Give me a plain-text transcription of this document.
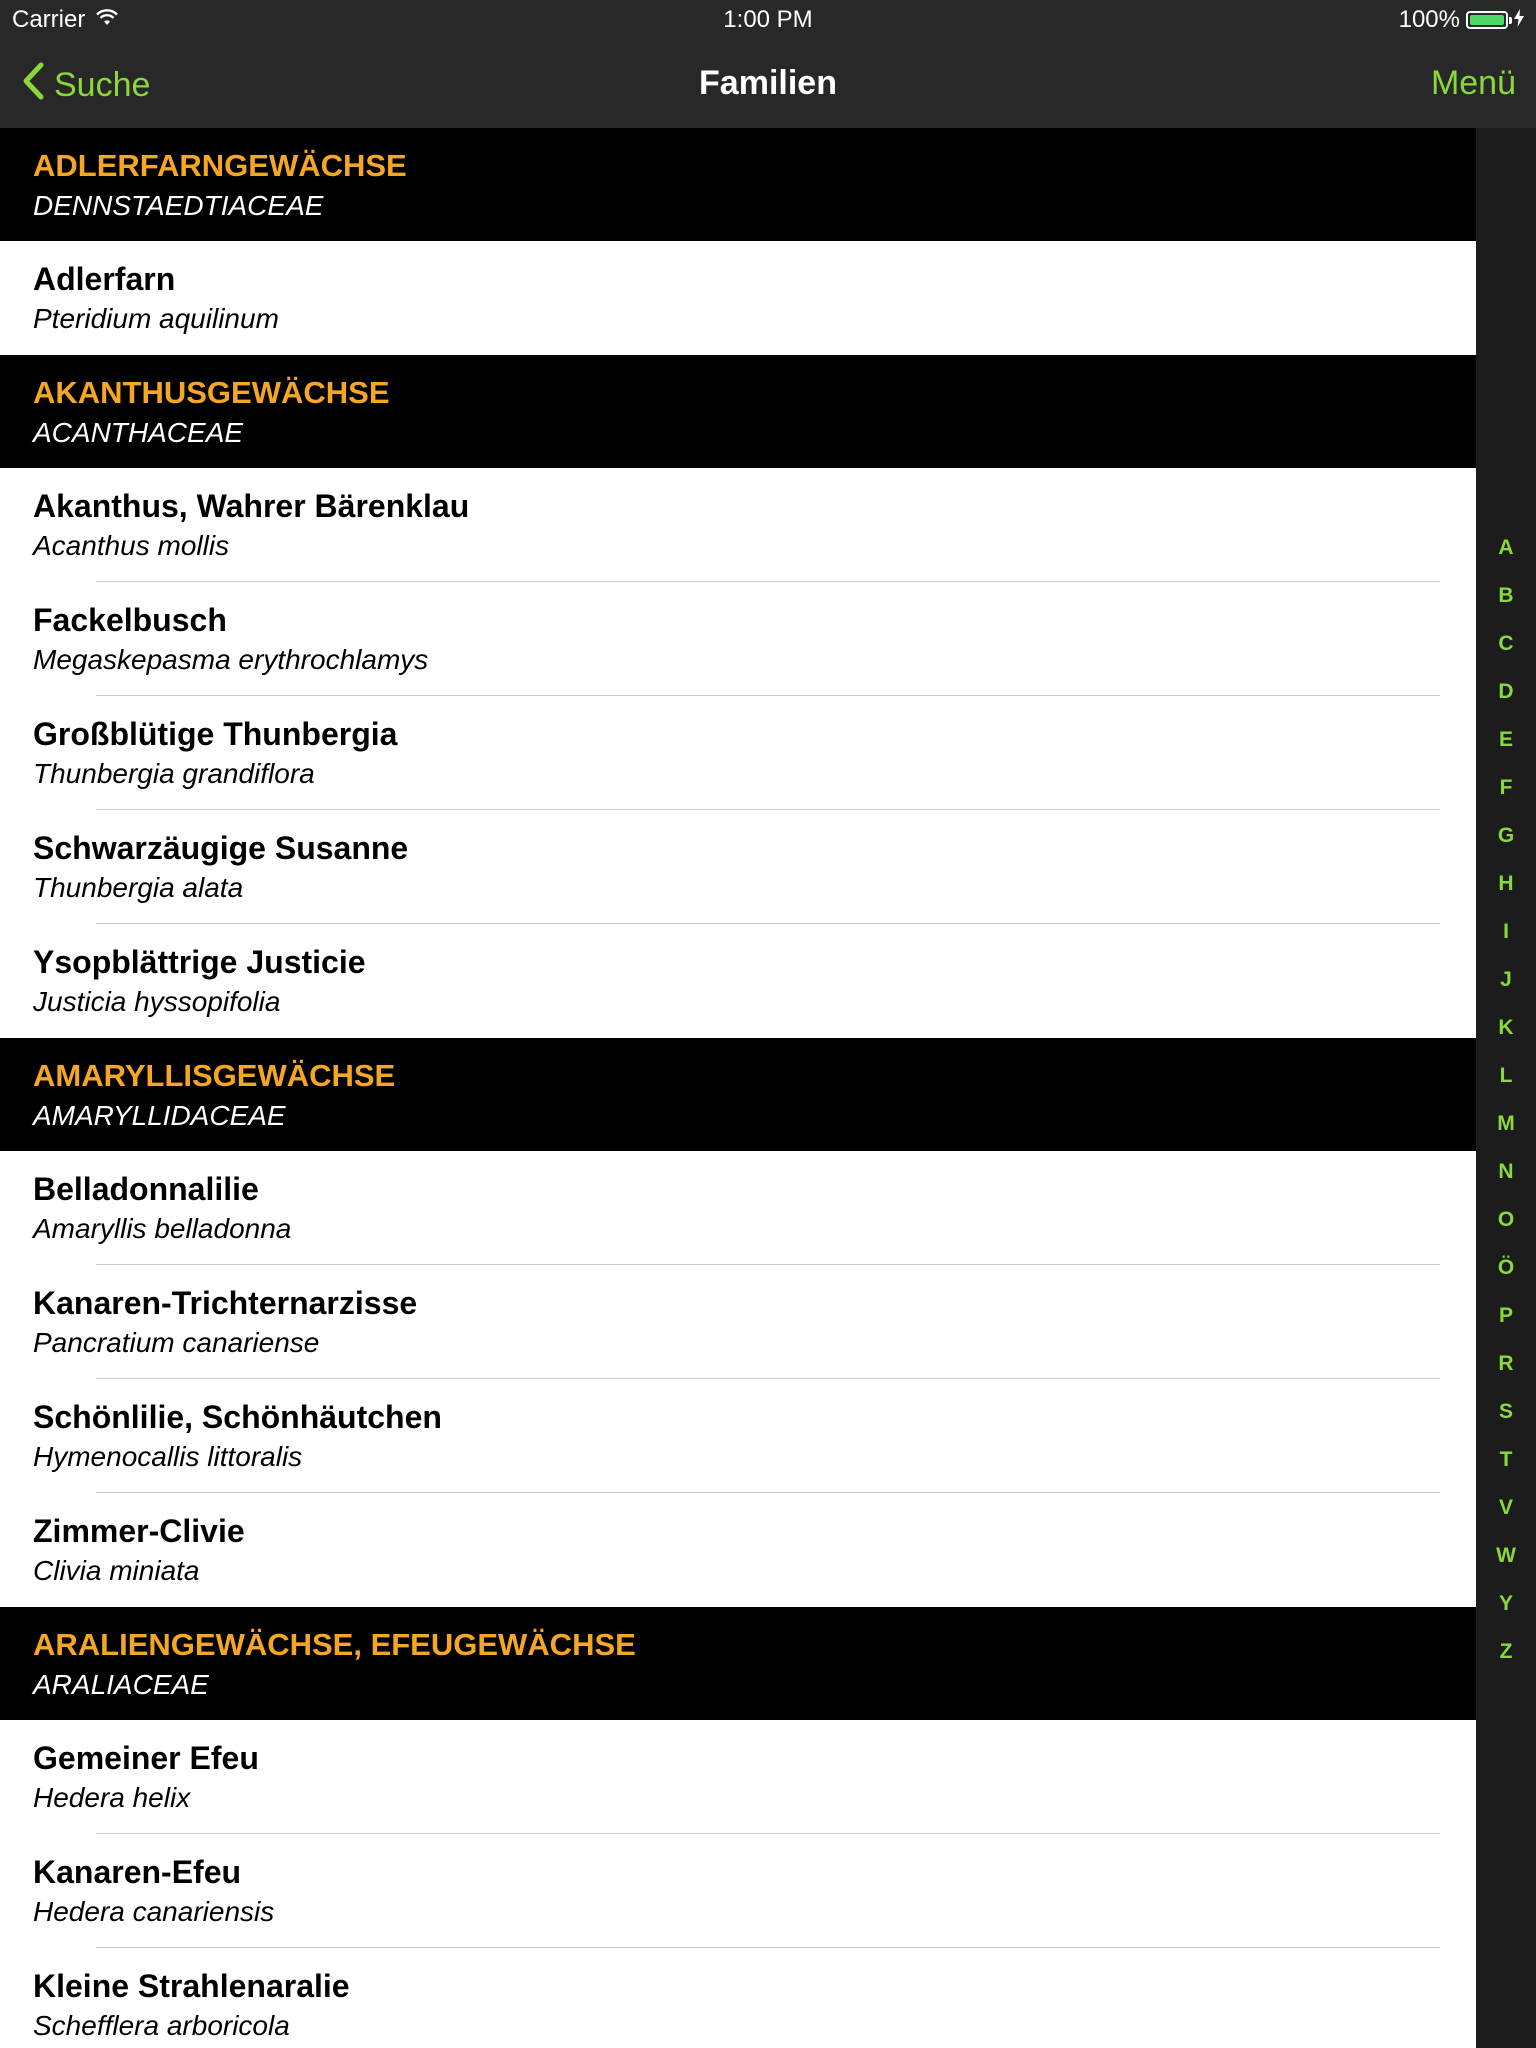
Carrier	1:00 PM	100%
Suche	Familien	Menü
ADLERFARNGEWÄCHSE
DENNSTAEDTIACEAE
Adlerfarn
Pteridium aquilinum
AKANTHUSGEWÄCHSE
ACANTHACEAE
Akanthus, Wahrer Bärenklau
Acanthus mollis
Fackelbusch
Megaskepasma erythrochlamys
Großblütige Thunbergia
Thunbergia grandiflora
Schwarzäugige Susanne
Thunbergia alata
Ysopblättrige Justicie
Justicia hyssopifolia
AMARYLLISGEWÄCHSE
AMARYLLIDACEAE
Belladonnalilie
Amaryllis belladonna
Kanaren-Trichternarzisse
Pancratium canariense
Schönlilie, Schönhäutchen
Hymenocallis littoralis
Zimmer-Clivie
Clivia miniata
ARALIENGEWÄCHSE, EFEUGEWÄCHSE
ARALIACEAE
Gemeiner Efeu
Hedera helix
Kanaren-Efeu
Hedera canariensis
Kleine Strahlenaralie
Schefflera arboricola
A
B
C
D
E
F
G
H
I
J
K
L
M
N
O
Ö
P
R
S
T
V
W
Y
Z
